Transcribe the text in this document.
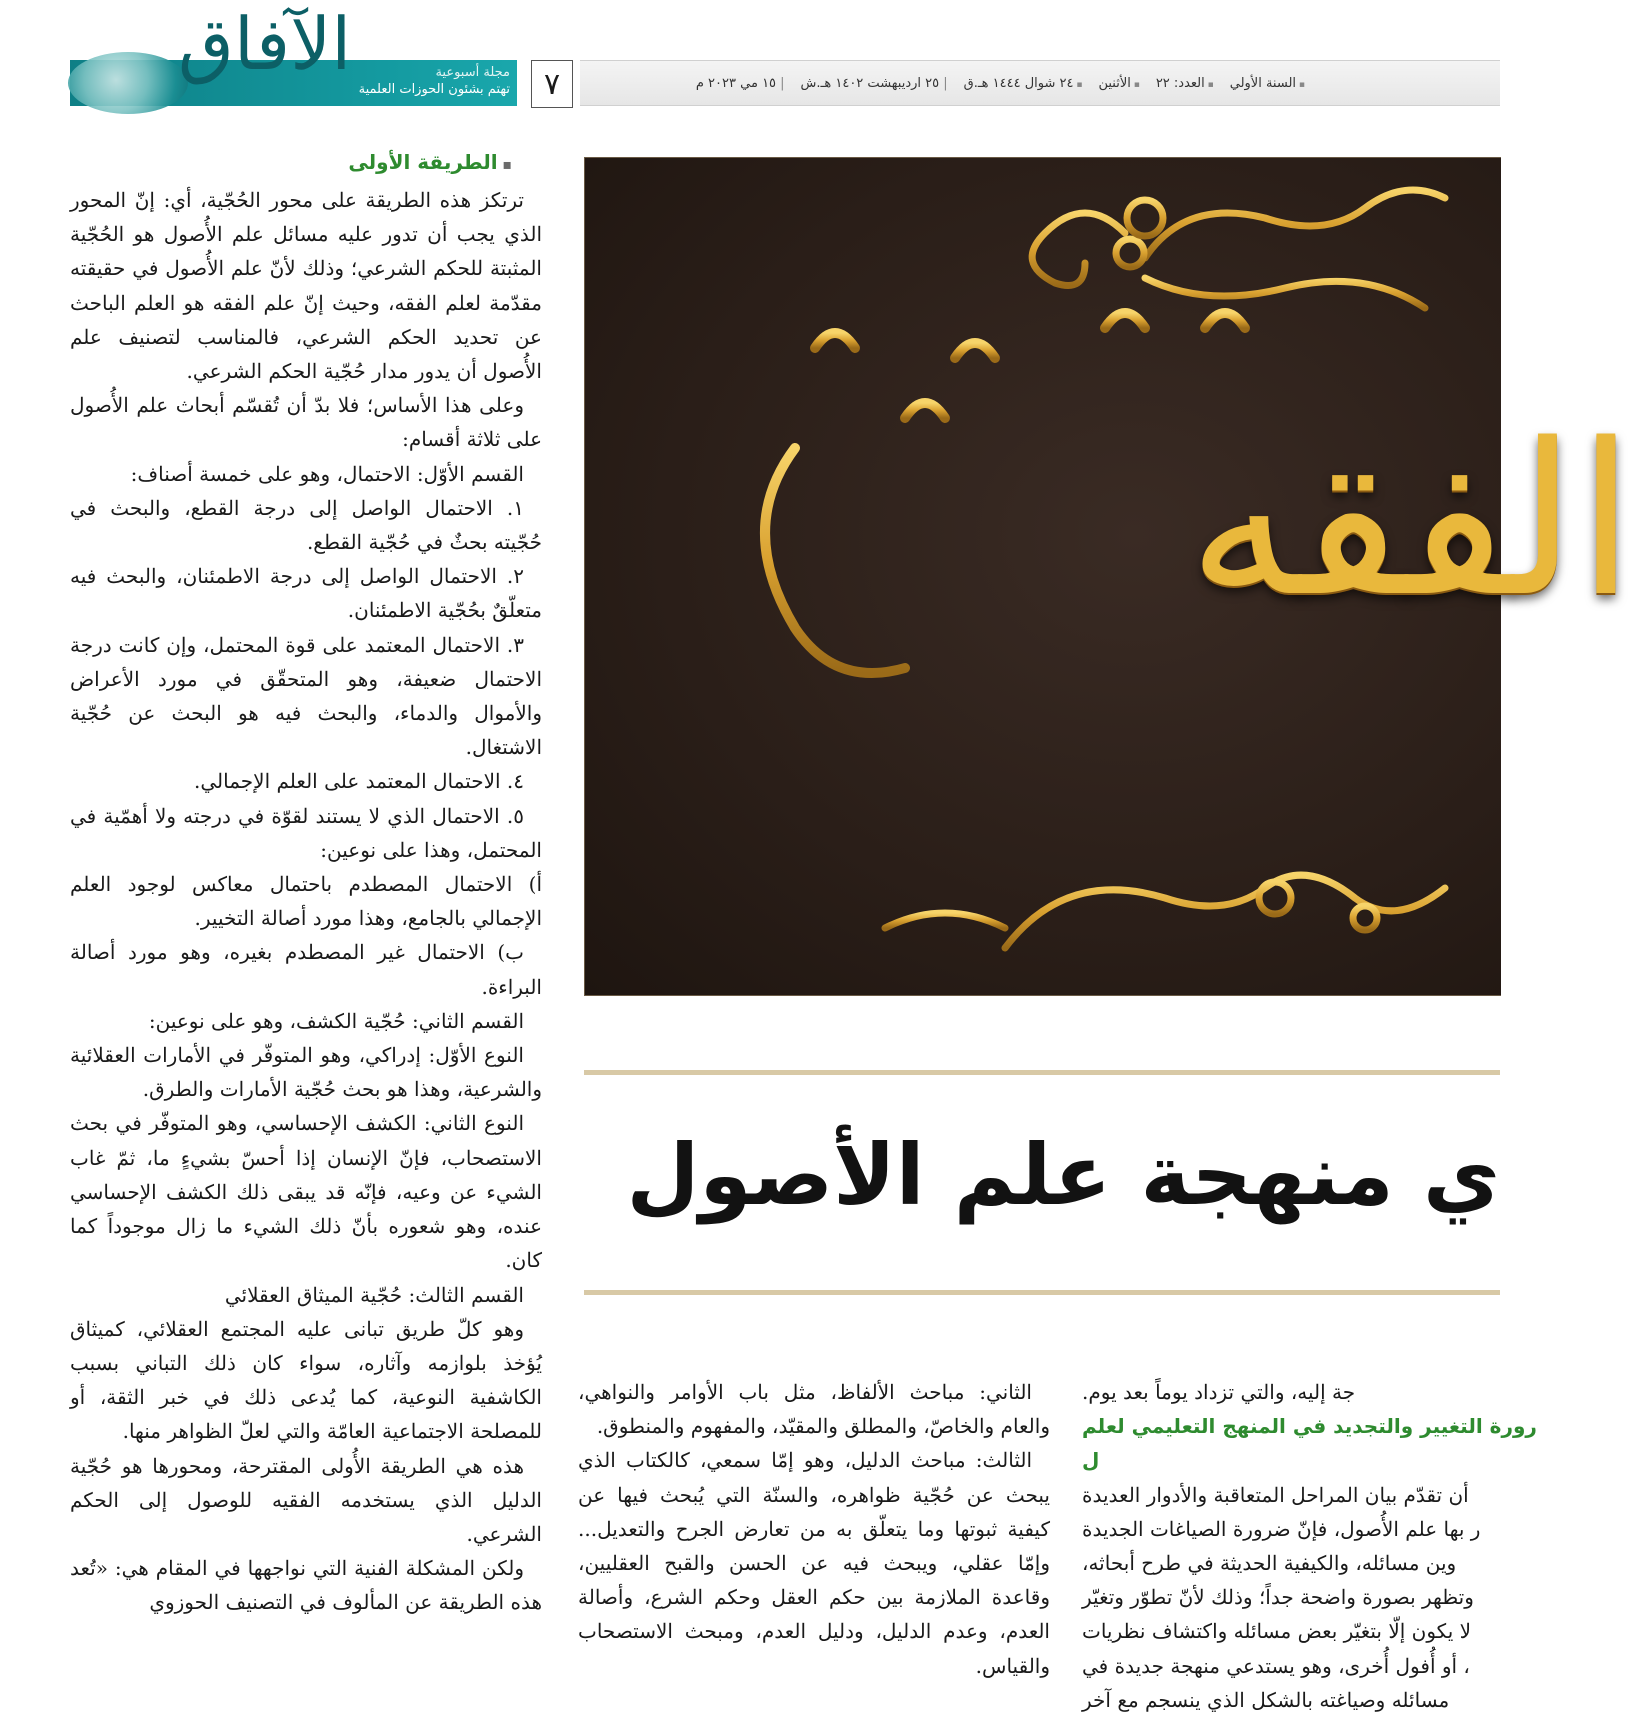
الآفاق	مجلة أسبوعية
تهتم بشئون الحوزات العلمية	٧
▪	السنة الأولي
▪ العدد: ٢٢
▪ الأثنين
▪ ٢٤ شوال ١٤٤٤ هـ.ق
| ٢٥ اردیبهشت ١٤٠٢ هـ.ش
| ١٥ مي ٢٠٢٣ م
الفقه
ي منهجة علم الأصول
▪ الطريقة الأولى

ترتكز هذه الطريقة على محور الحُجّية، أي: إنّ المحور الذي يجب أن تدور عليه مسائل علم الأُصول هو الحُجّية المثبتة للحكم الشرعي؛ وذلك لأنّ علم الأُصول في حقيقته مقدّمة لعلم الفقه، وحيث إنّ علم الفقه هو العلم الباحث عن تحديد الحكم الشرعي، فالمناسب لتصنيف علم الأُصول أن يدور مدار حُجّية الحكم الشرعي.

وعلى هذا الأساس؛ فلا بدّ أن تُقسّم أبحاث علم الأُصول على ثلاثة أقسام:

القسم الأوّل: الاحتمال، وهو على خمسة أصناف:

١. الاحتمال الواصل إلى درجة القطع، والبحث في حُجّيته بحثٌ في حُجّية القطع.

٢. الاحتمال الواصل إلى درجة الاطمئنان، والبحث فيه متعلّقٌ بحُجّية الاطمئنان.

٣. الاحتمال المعتمد على قوة المحتمل، وإن كانت درجة الاحتمال ضعيفة، وهو المتحقّق في مورد الأعراض والأموال والدماء، والبحث فيه هو البحث عن حُجّية الاشتغال.

٤. الاحتمال المعتمد على العلم الإجمالي.

٥. الاحتمال الذي لا يستند لقوّة في درجته ولا أهمّية في المحتمل، وهذا على نوعين:

أ) الاحتمال المصطدم باحتمال معاكس لوجود العلم الإجمالي بالجامع، وهذا مورد أصالة التخيير.

ب) الاحتمال غير المصطدم بغيره، وهو مورد أصالة البراءة.

القسم الثاني: حُجّية الكشف، وهو على نوعين:

النوع الأوّل: إدراكي، وهو المتوفّر في الأمارات العقلائية والشرعية، وهذا هو بحث حُجّية الأمارات والطرق.

النوع الثاني: الكشف الإحساسي، وهو المتوفّر في بحث الاستصحاب، فإنّ الإنسان إذا أحسّ بشيءٍ ما، ثمّ غاب الشيء عن وعيه، فإنّه قد يبقى ذلك الكشف الإحساسي عنده، وهو شعوره بأنّ ذلك الشيء ما زال موجوداً كما كان.

القسم الثالث: حُجّية الميثاق العقلائي

وهو كلّ طريق تبانى عليه المجتمع العقلائي، كميثاق يُؤخذ بلوازمه وآثاره، سواء كان ذلك التباني بسبب الكاشفية النوعية، كما يُدعى ذلك في خبر الثقة، أو للمصلحة الاجتماعية العامّة والتي لعلّ الظواهر منها.

هذه هي الطريقة الأُولى المقترحة، ومحورها هو حُجّية الدليل الذي يستخدمه الفقيه للوصول إلى الحكم الشرعي.

ولكن المشكلة الفنية التي نواجهها في المقام هي: «تُعد هذه الطريقة عن المألوف في التصنيف الحوزوي

الثاني: مباحث الألفاظ، مثل باب الأوامر والنواهي، والعام والخاصّ، والمطلق والمقيّد، والمفهوم والمنطوق.

الثالث: مباحث الدليل، وهو إمّا سمعي، كالكتاب الذي يبحث عن حُجّية ظواهره، والسنّة التي يُبحث فيها عن كيفية ثبوتها وما يتعلّق به من تعارض الجرح والتعديل... وإمّا عقلي، ويبحث فيه عن الحسن والقبح العقليين، وقاعدة الملازمة بين حكم العقل وحكم الشرع، وأصالة العدم، وعدم الدليل، ودليل العدم، ومبحث الاستصحاب والقياس.

جة إليه، والتي تزداد يوماً بعد يوم.

رورة التغيير والتجديد في المنهج التعليمي لعلم

ل

أن تقدّم بيان المراحل المتعاقبة والأدوار العديدة

ر بها علم الأُصول، فإنّ ضرورة الصياغات الجديدة

وين مسائله، والكيفية الحديثة في طرح أبحاثه،

وتظهر بصورة واضحة جداً؛ وذلك لأنّ تطوّر وتغيّر

لا يكون إلّا بتغيّر بعض مسائله واكتشاف نظريات

، أو أُفول أُخرى، وهو يستدعي منهجة جديدة في

مسائله وصياغته بالشكل الذي ينسجم مع آخر
